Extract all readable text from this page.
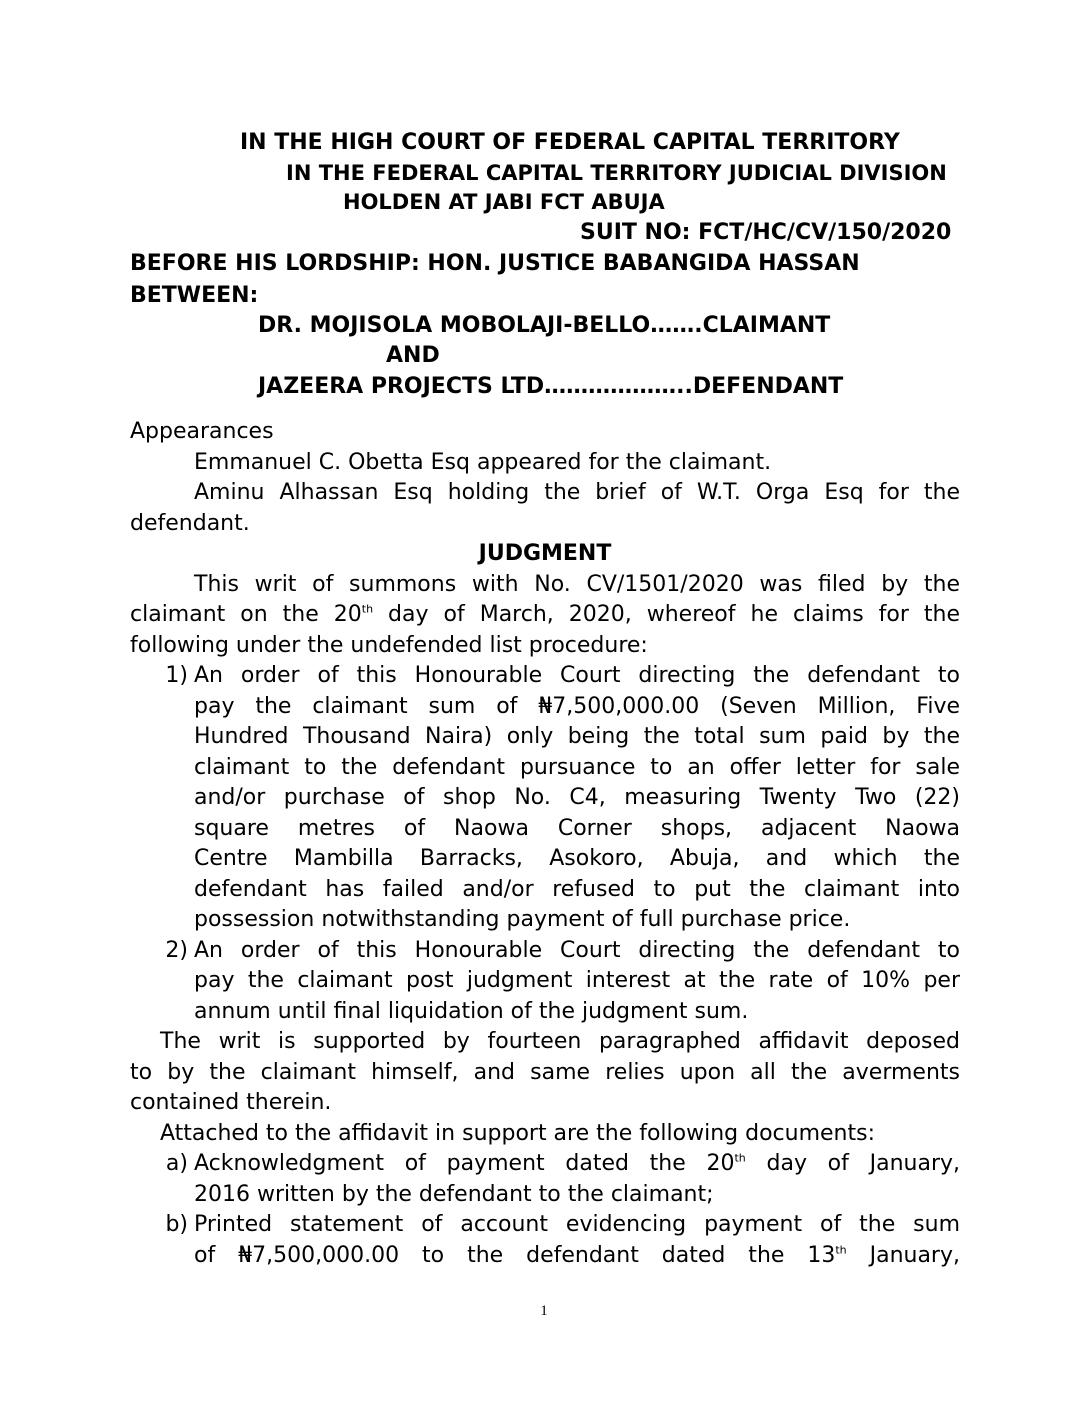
IN THE HIGH COURT OF FEDERAL CAPITAL TERRITORY
IN THE FEDERAL CAPITAL TERRITORY JUDICIAL DIVISION
HOLDEN AT JABI FCT ABUJA
SUIT NO: FCT/HC/CV/150/2020
BEFORE HIS LORDSHIP: HON. JUSTICE BABANGIDA HASSAN
BETWEEN:
DR. MOJISOLA MOBOLAJI-BELLO…….CLAIMANT
AND
JAZEERA PROJECTS LTD………………..DEFENDANT
Appearances
Emmanuel C. Obetta Esq appeared for the claimant.
Aminu Alhassan Esq holding the brief of W.T. Orga Esq for the
defendant.
JUDGMENT
This writ of summons with No. CV/1501/2020 was filed by the
claimant on the 20th day of March, 2020, whereof he claims for the
following under the undefended list procedure:
1) An order of this Honourable Court directing the defendant to
pay the claimant sum of ₦7,500,000.00 (Seven Million, Five
Hundred Thousand Naira) only being the total sum paid by the
claimant to the defendant pursuance to an offer letter for sale
and/or purchase of shop No. C4, measuring Twenty Two (22)
square metres of Naowa Corner shops, adjacent Naowa
Centre Mambilla Barracks, Asokoro, Abuja, and which the
defendant has failed and/or refused to put the claimant into
possession notwithstanding payment of full purchase price.
2) An order of this Honourable Court directing the defendant to
pay the claimant post judgment interest at the rate of 10% per
annum until final liquidation of the judgment sum.
The writ is supported by fourteen paragraphed affidavit deposed
to by the claimant himself, and same relies upon all the averments
contained therein.
Attached to the affidavit in support are the following documents:
a) Acknowledgment of payment dated the 20th day of January,
2016 written by the defendant to the claimant;
b) Printed statement of account evidencing payment of the sum
of ₦7,500,000.00 to the defendant dated the 13th January,
1
